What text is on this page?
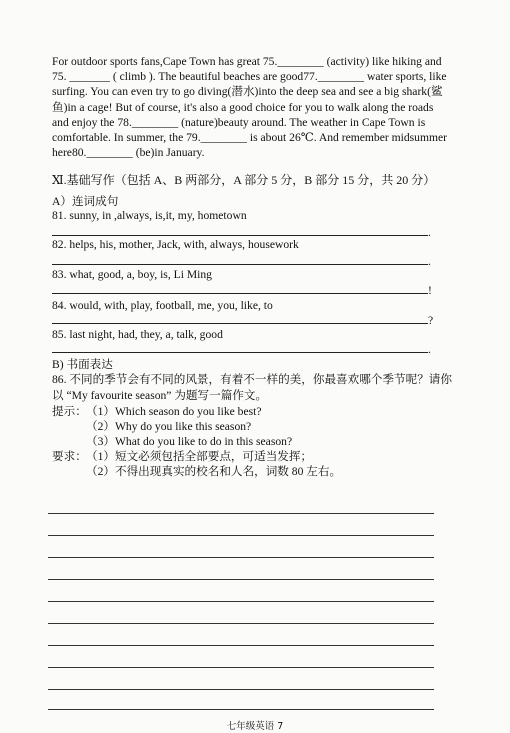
For outdoor sports fans,Cape Town has great 75.________ (activity) like hiking and
75. _______ ( climb ). The beautiful beaches are good77.________ water sports, like
surfing. You can even try to go diving(潜水)into the deep sea and see a big shark(鲨
鱼)in a cage! But of course, it's also a good choice for you to walk along the roads
and enjoy the 78.________ (nature)beauty around. The weather in Cape Town is
comfortable. In summer, the 79.________ is about 26℃. And remember midsummer
here80.________ (be)in January.
Ⅺ.基础写作（包括 A、B 两部分，A 部分 5 分，B 部分 15 分，共 20 分）
A）连词成句
81. sunny, in ,always, is,it, my, hometown
.
82. helps, his, mother, Jack, with, always, housework
.
83. what, good, a, boy, is, Li Ming
!
84. would, with, play, football, me, you, like, to
?
85. last night, had, they, a, talk, good
.
B) 书面表达
86. 不同的季节会有不同的风景，有着不一样的美，你最喜欢哪个季节呢？请你
以 “My favourite season” 为题写一篇作文。
提示： （1）Which season do you like best?
（2）Why do you like this season?
（3）What do you like to do in this season?
要求： （1）短文必须包括全部要点，可适当发挥；
（2）不得出现真实的校名和人名，词数 80 左右。
七年级英语 7
